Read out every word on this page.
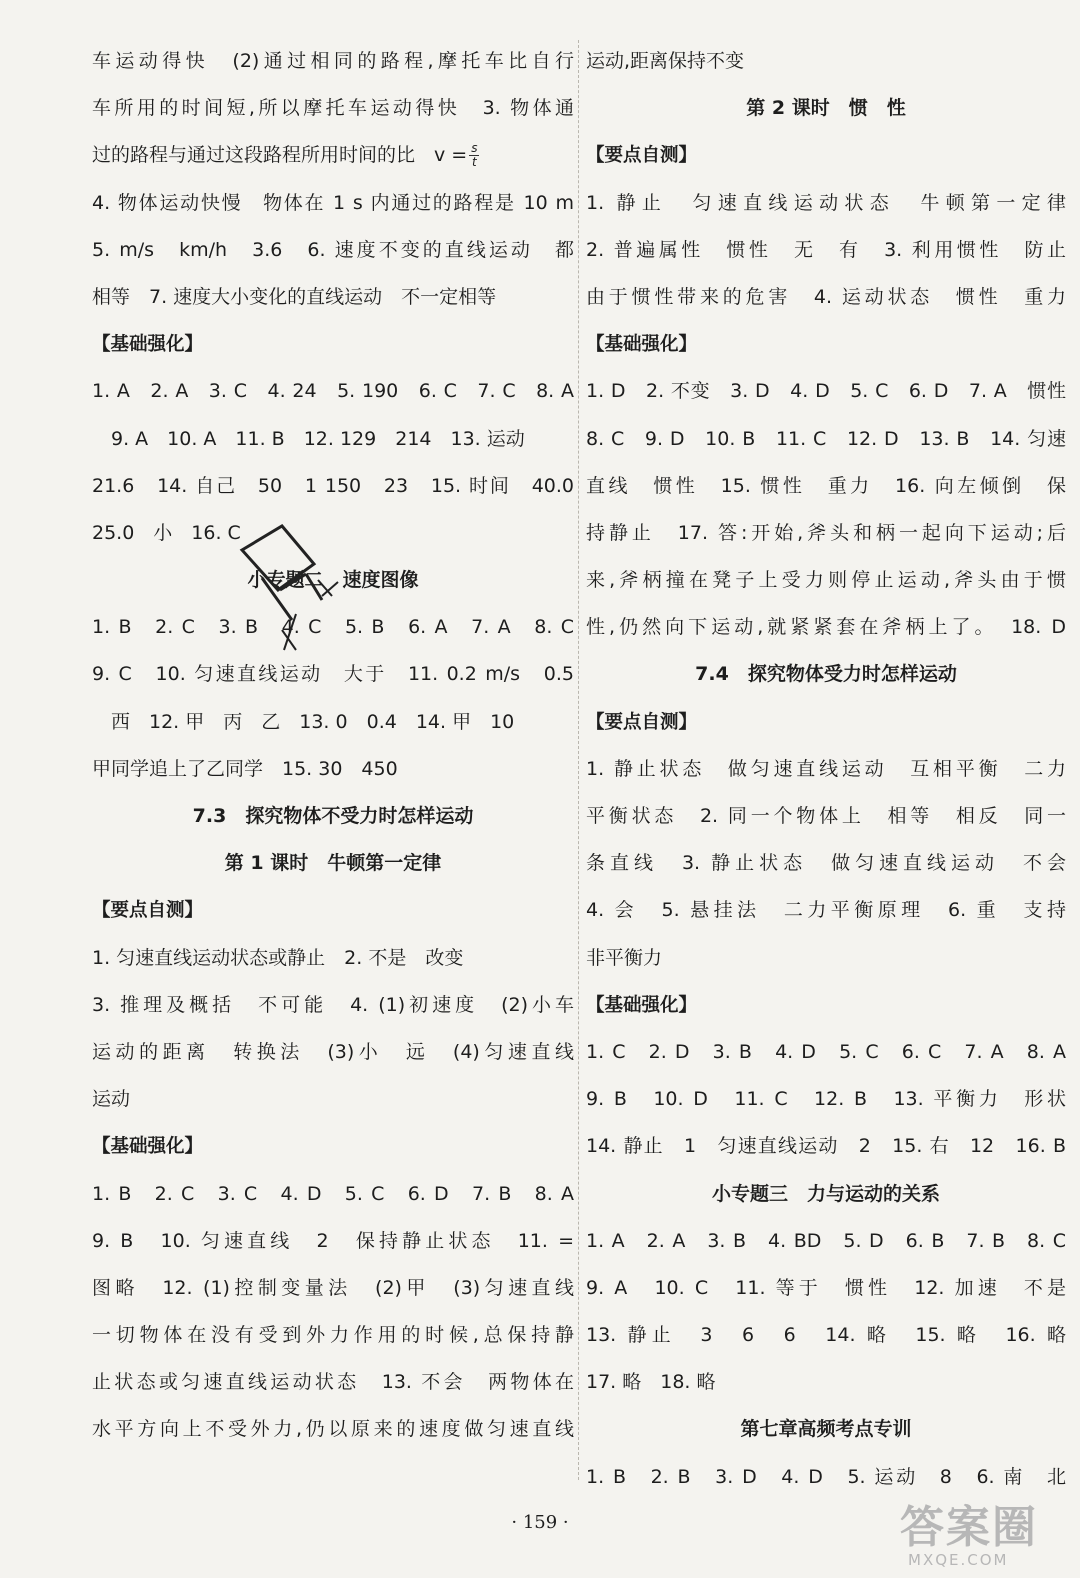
车运动得快　(2)通过相同的路程,摩托车比自行
车所用的时间短,所以摩托车运动得快　3. 物体通
过的路程与通过这段路程所用时间的比　$v = \frac{s}{t}$
4. 物体运动快慢　物体在 1 s 内通过的路程是 10 m
5. m/s　km/h　3.6　6. 速度不变的直线运动　都
相等　7. 速度大小变化的直线运动　不一定相等
【基础强化】
1. A　2. A　3. C　4. 24　5. 190　6. C　7. C　8. A
　9. A　10. A　11. B　12. 129　214　13. 运动
21.6　14. 自己　50　1 150　23　15. 时间　40.0
25.0　小　16. C
小专题二　速度图像
1. B　2. C　3. B　4. C　5. B　6. A　7. A　8. C
9. C　10. 匀速直线运动　大于　11. 0.2 m/s　0.5
　西　12. 甲　丙　乙　13. 0　0.4　14. 甲　10
甲同学追上了乙同学　15. 30　450
7.3　探究物体不受力时怎样运动
第 1 课时　牛顿第一定律
【要点自测】
1. 匀速直线运动状态或静止　2. 不是　改变
3. 推理及概括　不可能　4. (1)初速度　(2)小车
运动的距离　转换法　(3)小　远　(4)匀速直线
运动
【基础强化】
1. B　2. C　3. C　4. D　5. C　6. D　7. B　8. A
9. B　10. 匀速直线　2　保持静止状态　11. =
图略　12. (1)控制变量法　(2)甲　(3)匀速直线
一切物体在没有受到外力作用的时候,总保持静
止状态或匀速直线运动状态　13. 不会　两物体在
水平方向上不受外力,仍以原来的速度做匀速直线
运动,距离保持不变
第 2 课时　惯　性
【要点自测】
1. 静止　匀速直线运动状态　牛顿第一定律
2. 普遍属性　惯性　无　有　3. 利用惯性　防止
由于惯性带来的危害　4. 运动状态　惯性　重力
【基础强化】
1. D　2. 不变　3. D　4. D　5. C　6. D　7. A　惯性
8. C　9. D　10. B　11. C　12. D　13. B　14. 匀速
直线　惯性　15. 惯性　重力　16. 向左倾倒　保
持静止　17. 答:开始,斧头和柄一起向下运动;后
来,斧柄撞在凳子上受力则停止运动,斧头由于惯
性,仍然向下运动,就紧紧套在斧柄上了。　18. D
7.4　探究物体受力时怎样运动
【要点自测】
1. 静止状态　做匀速直线运动　互相平衡　二力
平衡状态　2. 同一个物体上　相等　相反　同一
条直线　3. 静止状态　做匀速直线运动　不会
4. 会　5. 悬挂法　二力平衡原理　6. 重　支持
非平衡力
【基础强化】
1. C　2. D　3. B　4. D　5. C　6. C　7. A　8. A
9. B　10. D　11. C　12. B　13. 平衡力　形状
14. 静止　1　匀速直线运动　2　15. 右　12　16. B
小专题三　力与运动的关系
1. A　2. A　3. B　4. BD　5. D　6. B　7. B　8. C
9. A　10. C　11. 等于　惯性　12. 加速　不是
13. 静止　3　6　6　14. 略　15. 略　16. 略
17. 略　18. 略
第七章高频考点专训
1. B　2. B　3. D　4. D　5. 运动　8　6. 南　北
· 159 ·	答案圈
MXQE.COM
